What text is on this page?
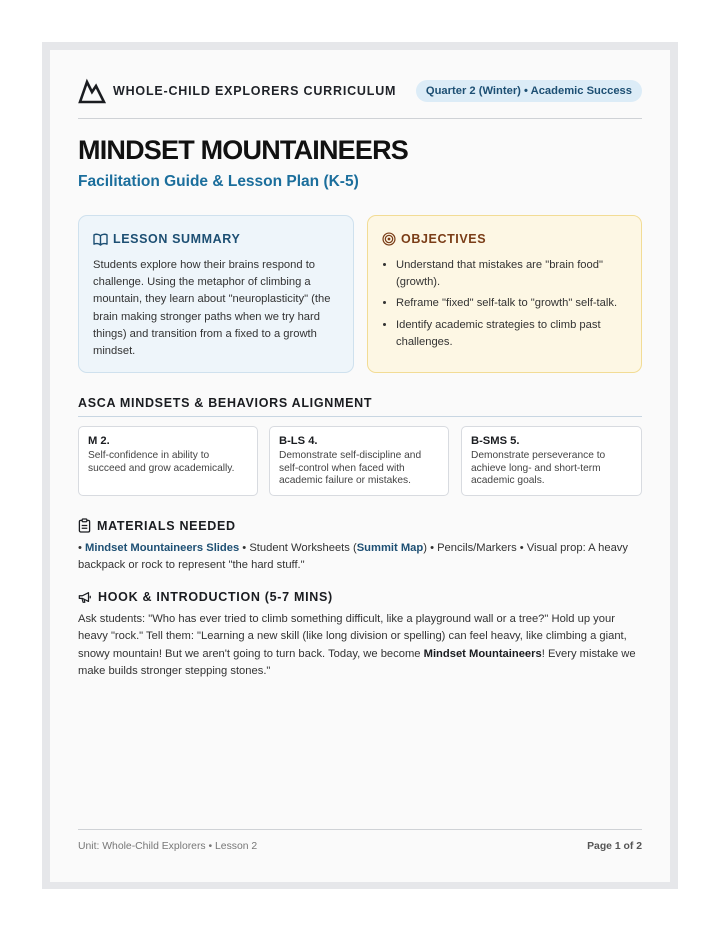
WHOLE-CHILD EXPLORERS CURRICULUM	Quarter 2 (Winter) • Academic Success
MINDSET MOUNTAINEERS
Facilitation Guide & Lesson Plan (K-5)
LESSON SUMMARY
Students explore how their brains respond to challenge. Using the metaphor of climbing a mountain, they learn about "neuroplasticity" (the brain making stronger paths when we try hard things) and transition from a fixed to a growth mindset.
OBJECTIVES
• Understand that mistakes are "brain food" (growth).
• Reframe "fixed" self-talk to "growth" self-talk.
• Identify academic strategies to climb past challenges.
ASCA MINDSETS & BEHAVIORS ALIGNMENT
M 2.
Self-confidence in ability to succeed and grow academically.
B-LS 4.
Demonstrate self-discipline and self-control when faced with academic failure or mistakes.
B-SMS 5.
Demonstrate perseverance to achieve long- and short-term academic goals.
MATERIALS NEEDED
• Mindset Mountaineers Slides • Student Worksheets (Summit Map) • Pencils/Markers • Visual prop: A heavy backpack or rock to represent "the hard stuff."
HOOK & INTRODUCTION (5-7 MINS)
Ask students: "Who has ever tried to climb something difficult, like a playground wall or a tree?" Hold up your heavy "rock." Tell them: "Learning a new skill (like long division or spelling) can feel heavy, like climbing a giant, snowy mountain! But we aren't going to turn back. Today, we become Mindset Mountaineers! Every mistake we make builds stronger stepping stones."
Unit: Whole-Child Explorers • Lesson 2	Page 1 of 2
